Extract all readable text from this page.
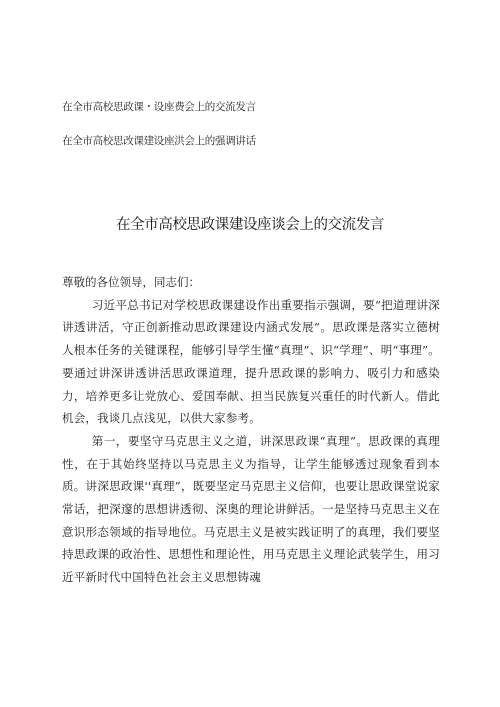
在全市高校思政课・设座费会上的交流发言
在全市高校思改课建设座洪会上的强调讲话
在全市高校思政课建设座谈会上的交流发言

尊敬的各位领导，同志们：

习近平总书记对学校思政课建设作出重要指示强调，要“把道理讲深讲透讲活，守正创新推动思政课建设内涵式发展“。思政课是落实立德树人根本任务的关键课程，能够引导学生懂“真理”、识“学理”、明“事理”。要通过讲深讲透讲活思政课道理，提升思政课的影响力、吸引力和感染力，培养更多让党放心、爱国奉献、担当民族复兴重任的时代新人。借此机会，我谈几点浅见，以供大家参考。

第一，要坚守马克思主义之道，讲深思政课“真理”。思政课的真理性，在于其始终坚持以马克思主义为指导，让学生能够透过现象看到本质。讲深思政课''真理”，既要坚定马克思主义信仰，也要让思政课堂说家常话，把深邃的思想讲透彻、深奥的理论讲鲜活。一是坚持马克思主义在意识形态领域的指导地位。马克思主义是被实践证明了的真理，我们要坚持思政课的政治性、思想性和理论性，用马克思主义理论武装学生，用习近平新时代中国特色社会主义思想铸魂
